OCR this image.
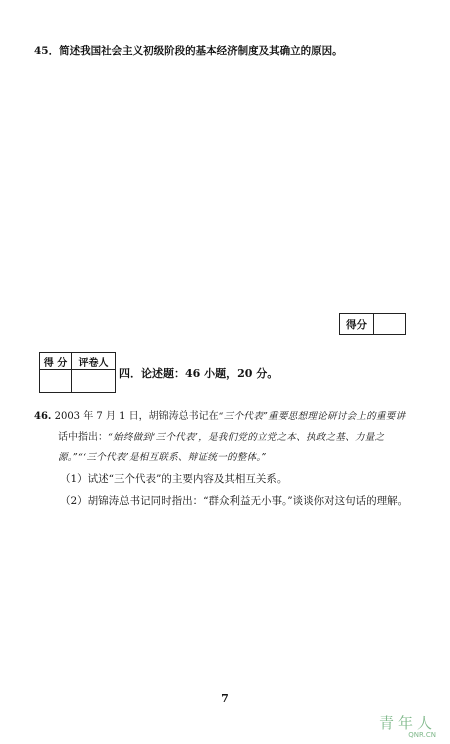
45．简述我国社会主义初级阶段的基本经济制度及其确立的原因。
得分
得 分	评卷人

四．论述题：46 小题，20 分。
46. 2003 年 7 月 1 日，胡锦涛总书记在“三个代表”重要思想理论研讨会上的重要讲
话中指出：“始终做到‘三个代表’，是我们党的立党之本、执政之基、力量之
源。”“‘三个代表’是相互联系、辩证统一的整体。”
（1）试述“三个代表”的主要内容及其相互关系。
（2）胡锦涛总书记同时指出：“群众利益无小事。”谈谈你对这句话的理解。
7
青年人
QNR.CN
